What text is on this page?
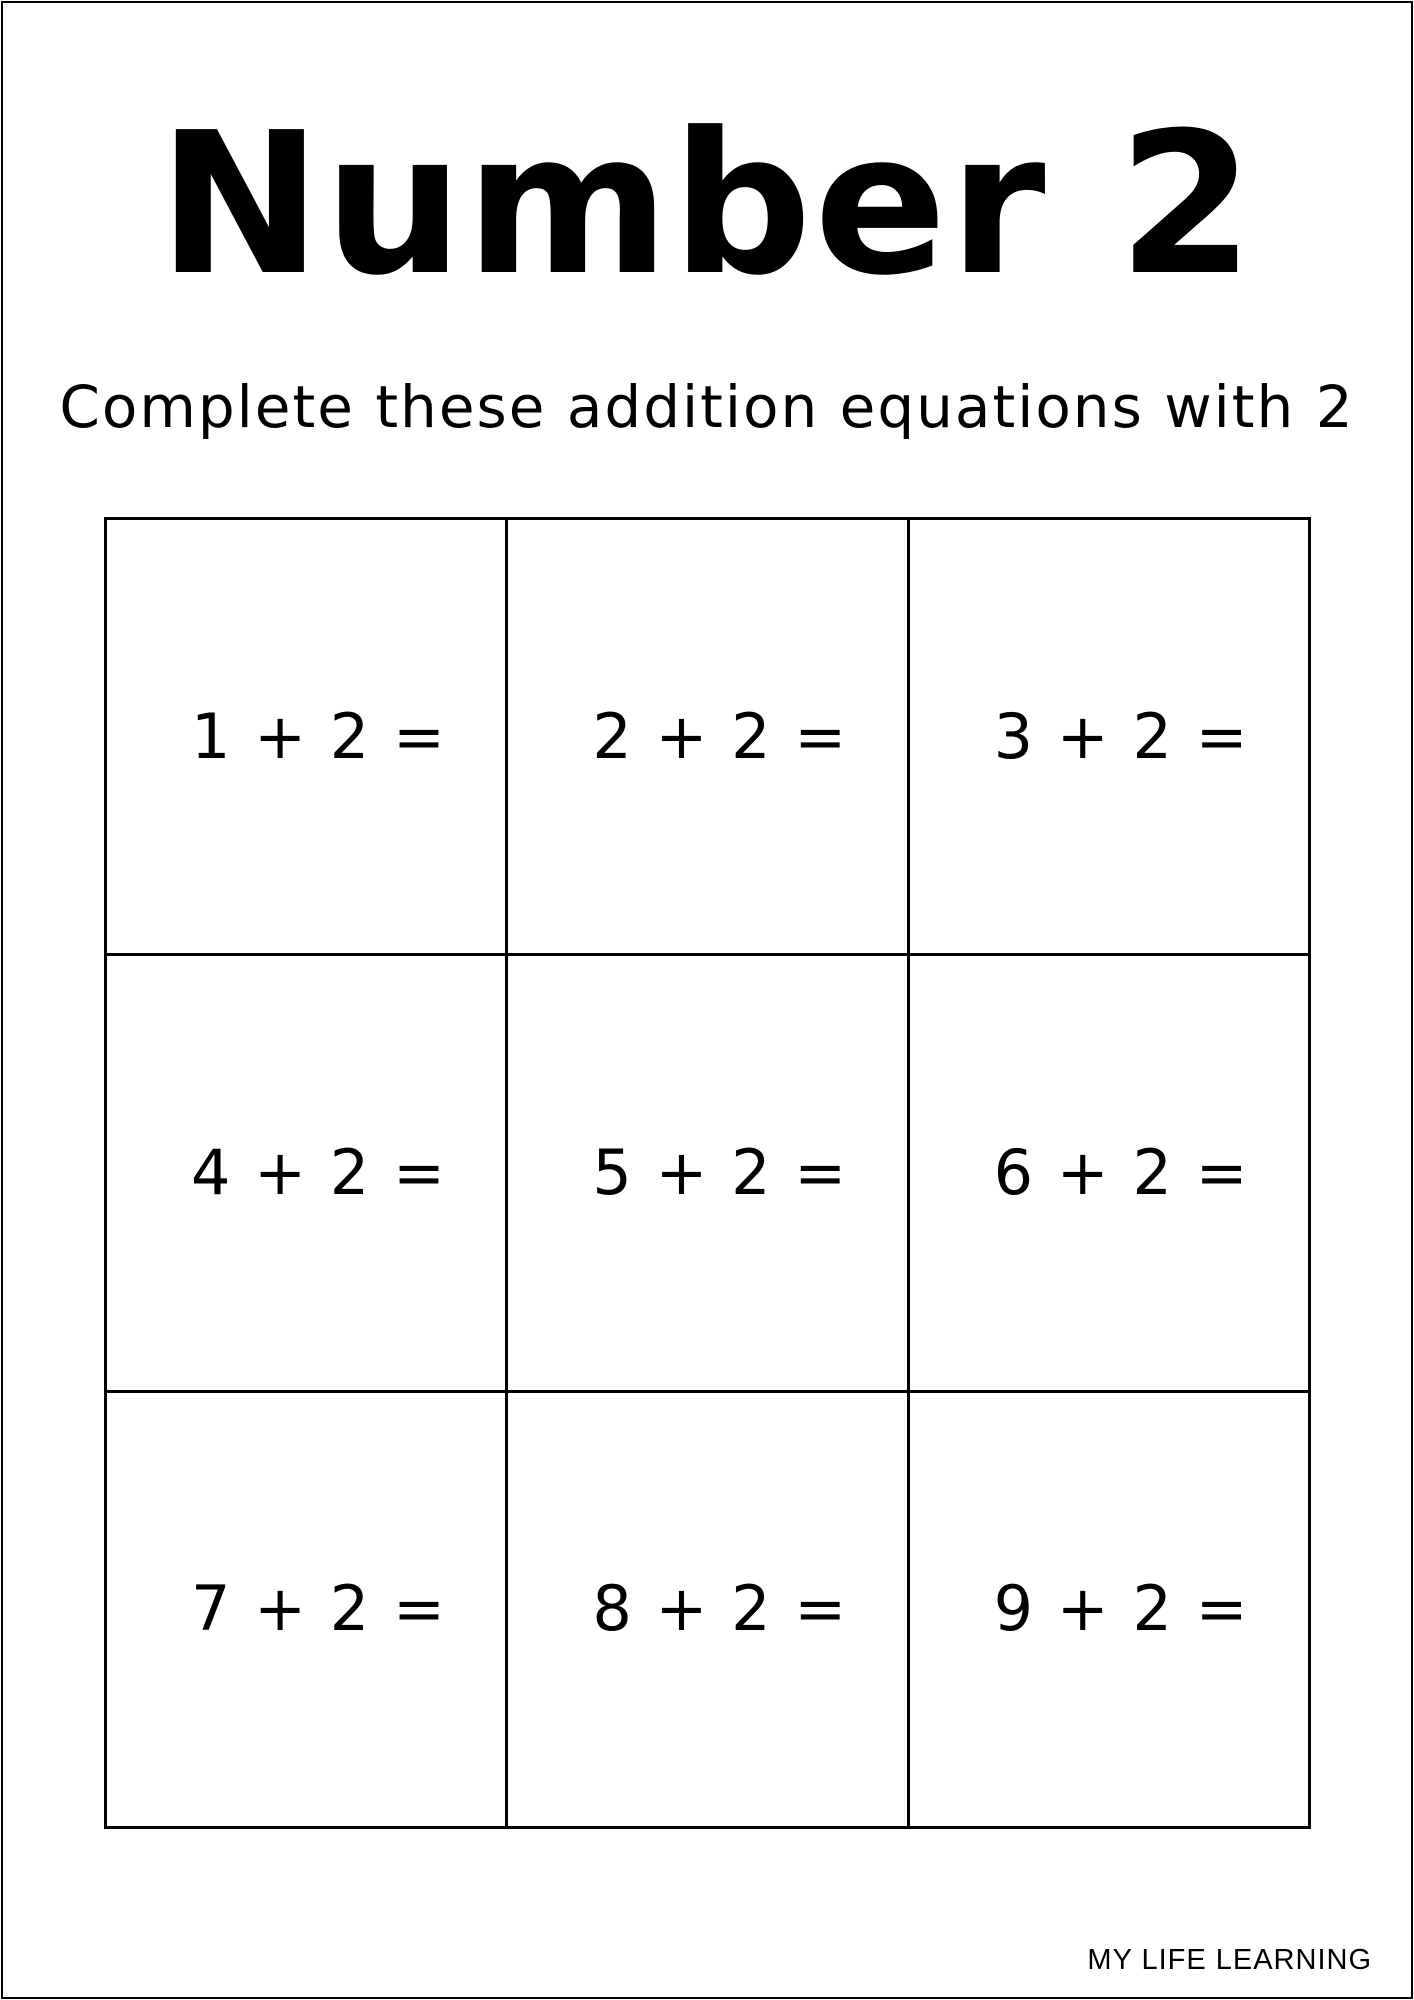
Number 2

Complete these addition equations with 2

1 + 2 = 2 + 2 = 3 + 2 =
4 + 2 = 5 + 2 = 6 + 2 =
7 + 2 = 8 + 2 = 9 + 2 =
MY LIFE LEARNING
